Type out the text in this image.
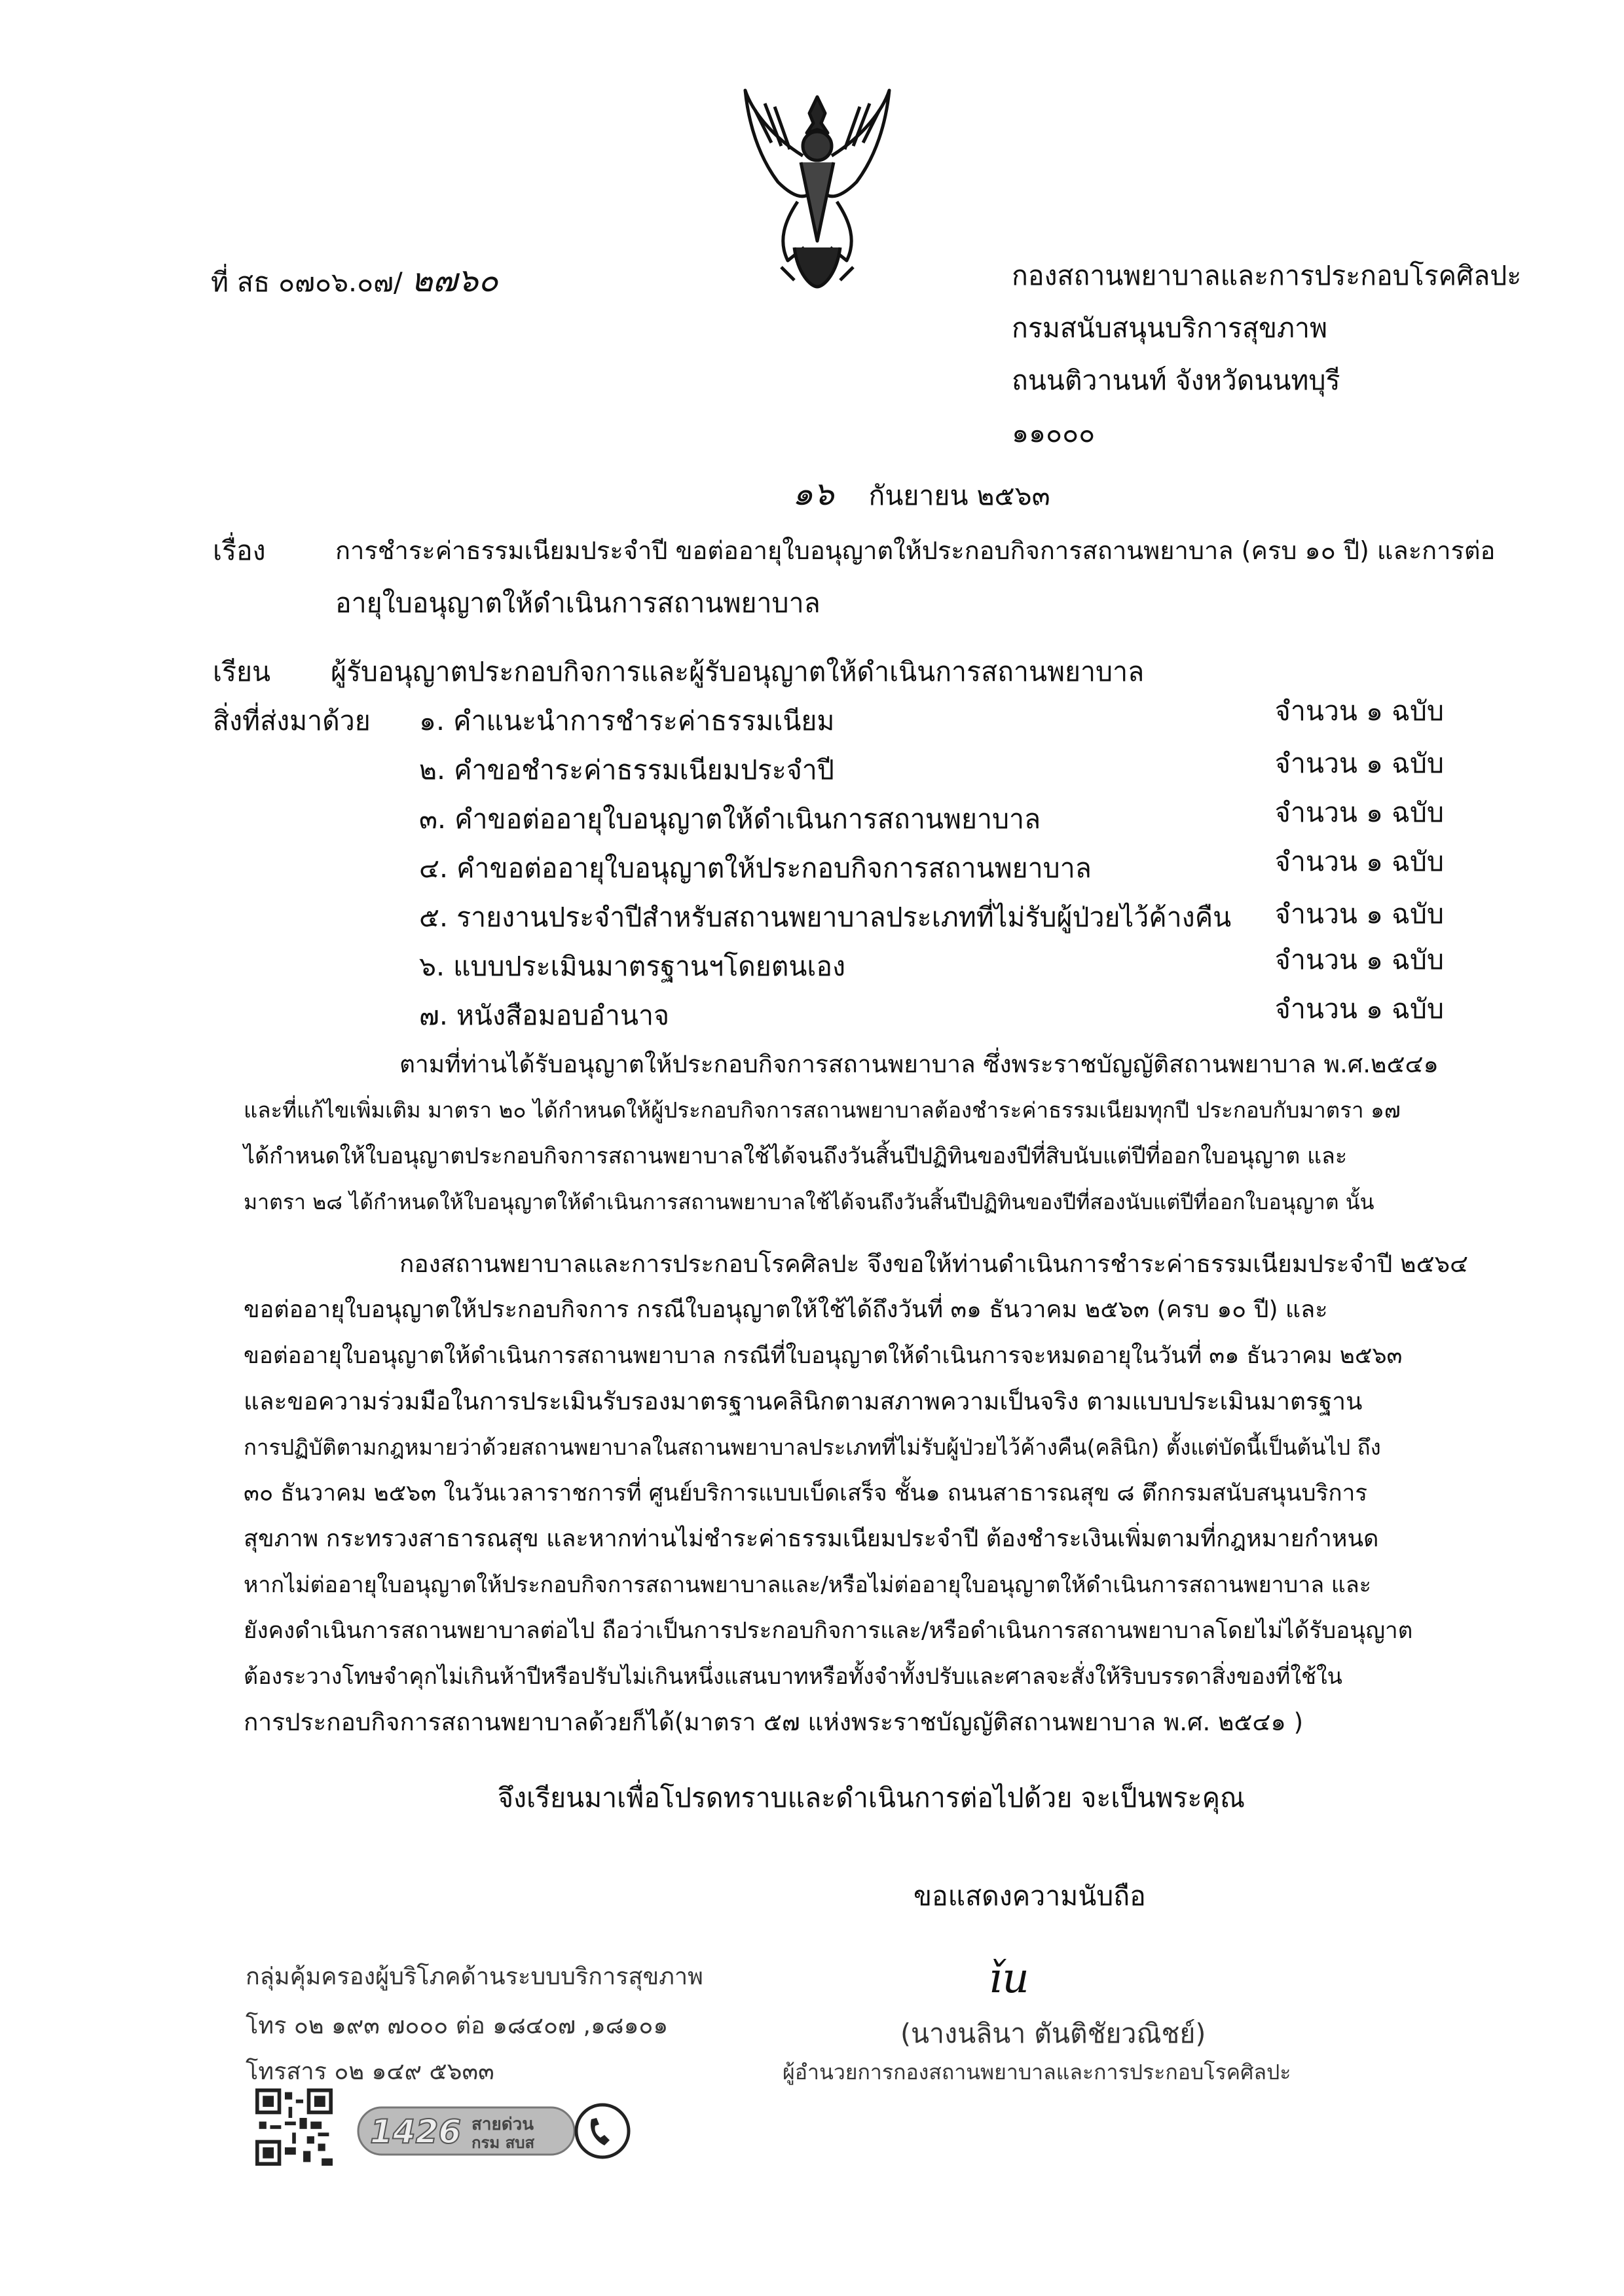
ที่ สธ ๐๗๐๖.๐๗/ ๒๗๖๐	กองสถานพยาบาลและการประกอบโรคศิลปะ
กรมสนับสนุนบริการสุขภาพ
ถนนติวานนท์ จังหวัดนนทบุรี
๑๑๐๐๐
๑๖ กันยายน ๒๕๖๓
เรื่อง	การชำระค่าธรรมเนียมประจำปี ขอต่ออายุใบอนุญาตให้ประกอบกิจการสถานพยาบาล (ครบ ๑๐ ปี) และการต่อ
อายุใบอนุญาตให้ดำเนินการสถานพยาบาล
เรียน ผู้รับอนุญาตประกอบกิจการและผู้รับอนุญาตให้ดำเนินการสถานพยาบาล
สิ่งที่ส่งมาด้วย ๑. คำแนะนำการชำระค่าธรรมเนียม	จำนวน ๑ ฉบับ
๒. คำขอชำระค่าธรรมเนียมประจำปี	จำนวน ๑ ฉบับ
๓. คำขอต่ออายุใบอนุญาตให้ดำเนินการสถานพยาบาล	จำนวน ๑ ฉบับ
๔. คำขอต่ออายุใบอนุญาตให้ประกอบกิจการสถานพยาบาล	จำนวน ๑ ฉบับ
๕. รายงานประจำปีสำหรับสถานพยาบาลประเภทที่ไม่รับผู้ป่วยไว้ค้างคืน	จำนวน ๑ ฉบับ
๖. แบบประเมินมาตรฐานฯโดยตนเอง	จำนวน ๑ ฉบับ
๗. หนังสือมอบอำนาจ	จำนวน ๑ ฉบับ
ตามที่ท่านได้รับอนุญาตให้ประกอบกิจการสถานพยาบาล ซึ่งพระราชบัญญัติสถานพยาบาล พ.ศ.๒๕๔๑
และที่แก้ไขเพิ่มเติม มาตรา ๒๐ ได้กำหนดให้ผู้ประกอบกิจการสถานพยาบาลต้องชำระค่าธรรมเนียมทุกปี ประกอบกับมาตรา ๑๗
ได้กำหนดให้ใบอนุญาตประกอบกิจการสถานพยาบาลใช้ได้จนถึงวันสิ้นปีปฏิทินของปีที่สิบนับแต่ปีที่ออกใบอนุญาต และ
มาตรา ๒๘ ได้กำหนดให้ใบอนุญาตให้ดำเนินการสถานพยาบาลใช้ได้จนถึงวันสิ้นปีปฏิทินของปีที่สองนับแต่ปีที่ออกใบอนุญาต นั้น
กองสถานพยาบาลและการประกอบโรคศิลปะ จึงขอให้ท่านดำเนินการชำระค่าธรรมเนียมประจำปี ๒๕๖๔
ขอต่ออายุใบอนุญาตให้ประกอบกิจการ กรณีใบอนุญาตให้ใช้ได้ถึงวันที่ ๓๑ ธันวาคม ๒๕๖๓ (ครบ ๑๐ ปี) และ
ขอต่ออายุใบอนุญาตให้ดำเนินการสถานพยาบาล กรณีที่ใบอนุญาตให้ดำเนินการจะหมดอายุในวันที่ ๓๑ ธันวาคม ๒๕๖๓
และขอความร่วมมือในการประเมินรับรองมาตรฐานคลินิกตามสภาพความเป็นจริง ตามแบบประเมินมาตรฐาน
การปฏิบัติตามกฎหมายว่าด้วยสถานพยาบาลในสถานพยาบาลประเภทที่ไม่รับผู้ป่วยไว้ค้างคืน(คลินิก) ตั้งแต่บัดนี้เป็นต้นไป ถึง
๓๐ ธันวาคม ๒๕๖๓ ในวันเวลาราชการที่ ศูนย์บริการแบบเบ็ดเสร็จ ชั้น๑ ถนนสาธารณสุข ๘ ตึกกรมสนับสนุนบริการ
สุขภาพ กระทรวงสาธารณสุข และหากท่านไม่ชำระค่าธรรมเนียมประจำปี ต้องชำระเงินเพิ่มตามที่กฎหมายกำหนด
หากไม่ต่ออายุใบอนุญาตให้ประกอบกิจการสถานพยาบาลและ/หรือไม่ต่ออายุใบอนุญาตให้ดำเนินการสถานพยาบาล และ
ยังคงดำเนินการสถานพยาบาลต่อไป ถือว่าเป็นการประกอบกิจการและ/หรือดำเนินการสถานพยาบาลโดยไม่ได้รับอนุญาต
ต้องระวางโทษจำคุกไม่เกินห้าปีหรือปรับไม่เกินหนึ่งแสนบาทหรือทั้งจำทั้งปรับและศาลจะสั่งให้ริบบรรดาสิ่งของที่ใช้ใน
การประกอบกิจการสถานพยาบาลด้วยก็ได้(มาตรา ๕๗ แห่งพระราชบัญญัติสถานพยาบาล พ.ศ. ๒๕๔๑ )
จึงเรียนมาเพื่อโปรดทราบและดำเนินการต่อไปด้วย จะเป็นพระคุณ
ขอแสดงความนับถือ
ǐu
(นางนลินา ตันติชัยวณิชย์)
ผู้อำนวยการกองสถานพยาบาลและการประกอบโรคศิลปะ
กลุ่มคุ้มครองผู้บริโภคด้านระบบบริการสุขภาพ
โทร ๐๒ ๑๙๓ ๗๐๐๐ ต่อ ๑๘๔๐๗ ,๑๘๑๐๑
โทรสาร ๐๒ ๑๔๙ ๕๖๓๓
1426 สายด่วน
กรม สบส
